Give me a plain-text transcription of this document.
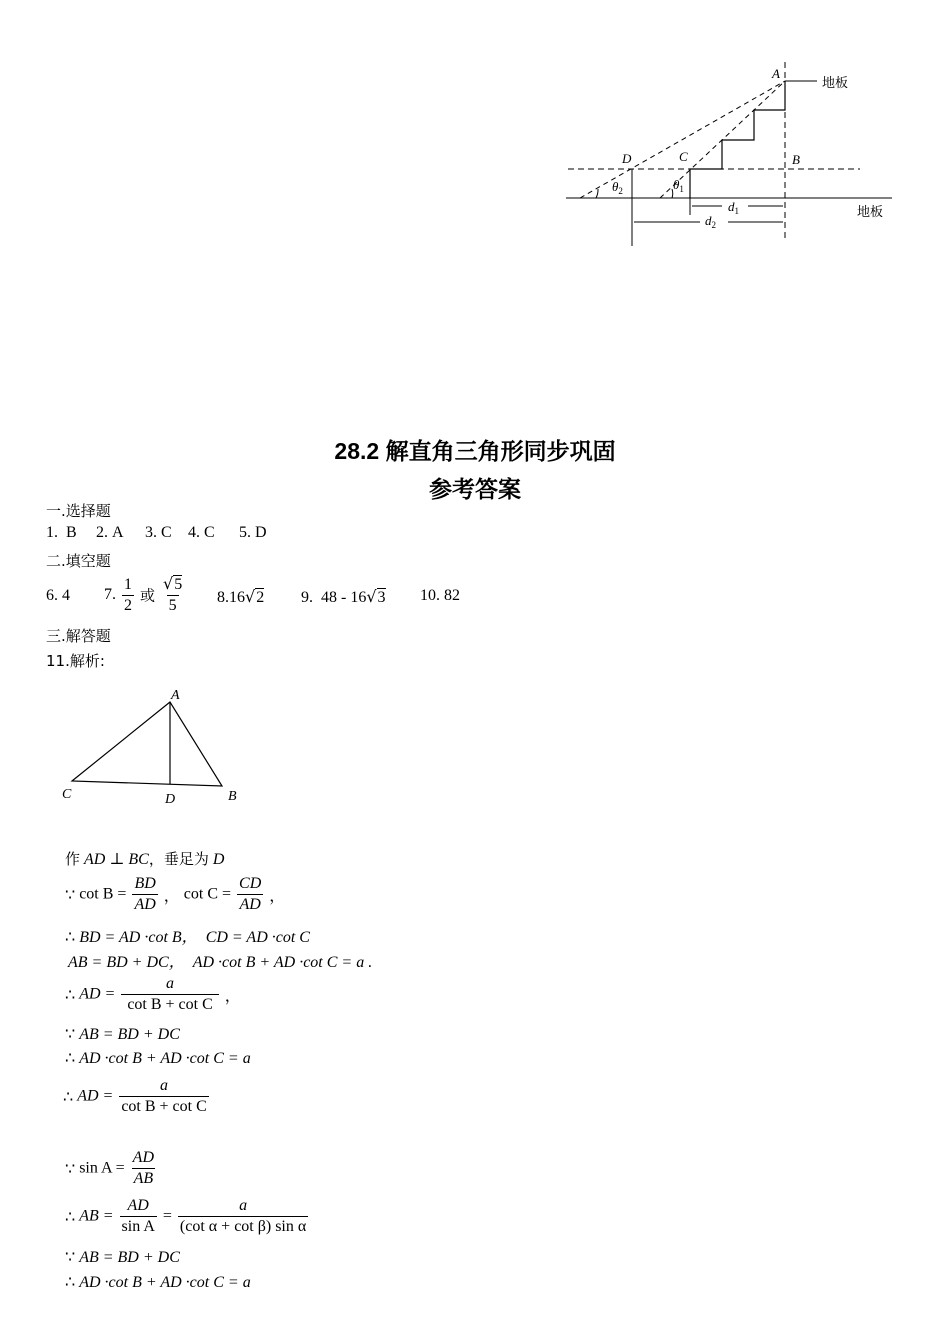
A
D	C	B
$\theta_2$	$\theta_1$
$d_1$
$d_2$
地板
地板
28.2 解直角三角形同步巩固
参考答案
一.选择题
1. B 2. A 3. C 4. C 5. D
二.填空题
6. 4 7. $\frac{1}{2}$ 或 $\frac{√5}{5} 8.16√2$ 9. 48 - 16√3 10. 82
三.解答题
11.解析:
A
C	D	B
作 AD ⊥ BC，垂足为 D
∵ $\cot B = \frac{BD}{AD}$ ， $\cot C = \frac{CD}{AD}$ ，
∴ BD = AD ·cot B， CD = AD ·cot C
AB = BD + DC， AD ·cot B + AD ·cot C = a .
∴ AD = $\frac{a}{\text{cot B + cot C}}$ ，
∵ AB = BD + DC
∴ AD ·cot B + AD ·cot C = a
∴ AD = $\frac{a}{\text{cot B + cot C}}$
∵ $\sin A = \frac{AD}{AB}$
∴ AB = $\frac{AD}{\text{sin A}} = \frac{a}{\text{(cot α + cot β) sin α}}$
∵ AB = BD + DC
∴ AD ·cot B + AD ·cot C = a
